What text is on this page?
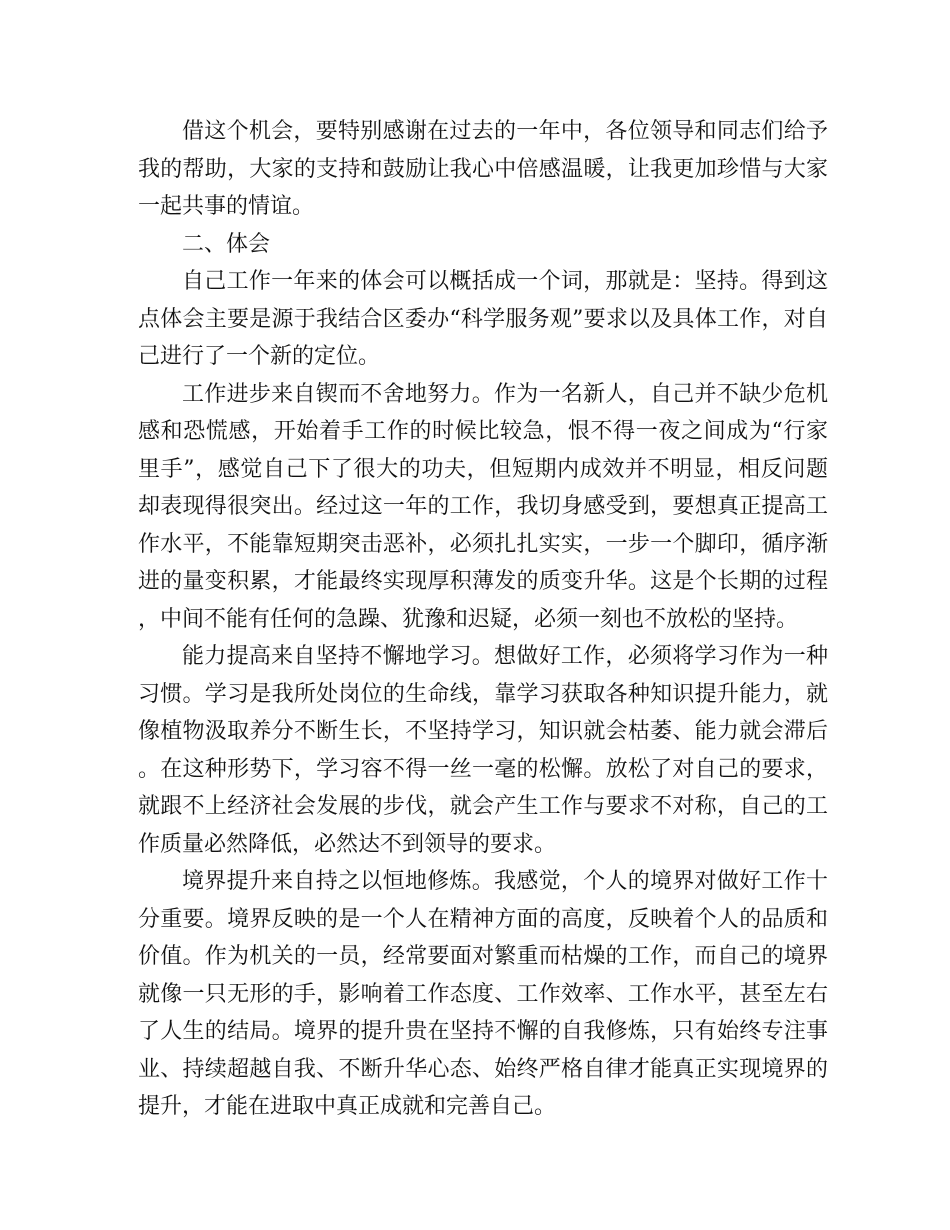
借这个机会，要特别感谢在过去的一年中，各位领导和同志们给予我的帮助，大家的支持和鼓励让我心中倍感温暖，让我更加珍惜与大家一起共事的情谊。

二、体会

自己工作一年来的体会可以概括成一个词，那就是：坚持。得到这点体会主要是源于我结合区委办“科学服务观”要求以及具体工作，对自己进行了一个新的定位。

工作进步来自锲而不舍地努力。作为一名新人，自己并不缺少危机感和恐慌感，开始着手工作的时候比较急，恨不得一夜之间成为“行家里手”，感觉自己下了很大的功夫，但短期内成效并不明显，相反问题却表现得很突出。经过这一年的工作，我切身感受到，要想真正提高工作水平，不能靠短期突击恶补，必须扎扎实实，一步一个脚印，循序渐进的量变积累，才能最终实现厚积薄发的质变升华。这是个长期的过程，中间不能有任何的急躁、犹豫和迟疑，必须一刻也不放松的坚持。

能力提高来自坚持不懈地学习。想做好工作，必须将学习作为一种习惯。学习是我所处岗位的生命线，靠学习获取各种知识提升能力，就像植物汲取养分不断生长，不坚持学习，知识就会枯萎、能力就会滞后。在这种形势下，学习容不得一丝一毫的松懈。放松了对自己的要求，就跟不上经济社会发展的步伐，就会产生工作与要求不对称，自己的工作质量必然降低，必然达不到领导的要求。

境界提升来自持之以恒地修炼。我感觉，个人的境界对做好工作十分重要。境界反映的是一个人在精神方面的高度，反映着个人的品质和价值。作为机关的一员，经常要面对繁重而枯燥的工作，而自己的境界就像一只无形的手，影响着工作态度、工作效率、工作水平，甚至左右了人生的结局。境界的提升贵在坚持不懈的自我修炼，只有始终专注事业、持续超越自我、不断升华心态、始终严格自律才能真正实现境界的提升，才能在进取中真正成就和完善自己。
